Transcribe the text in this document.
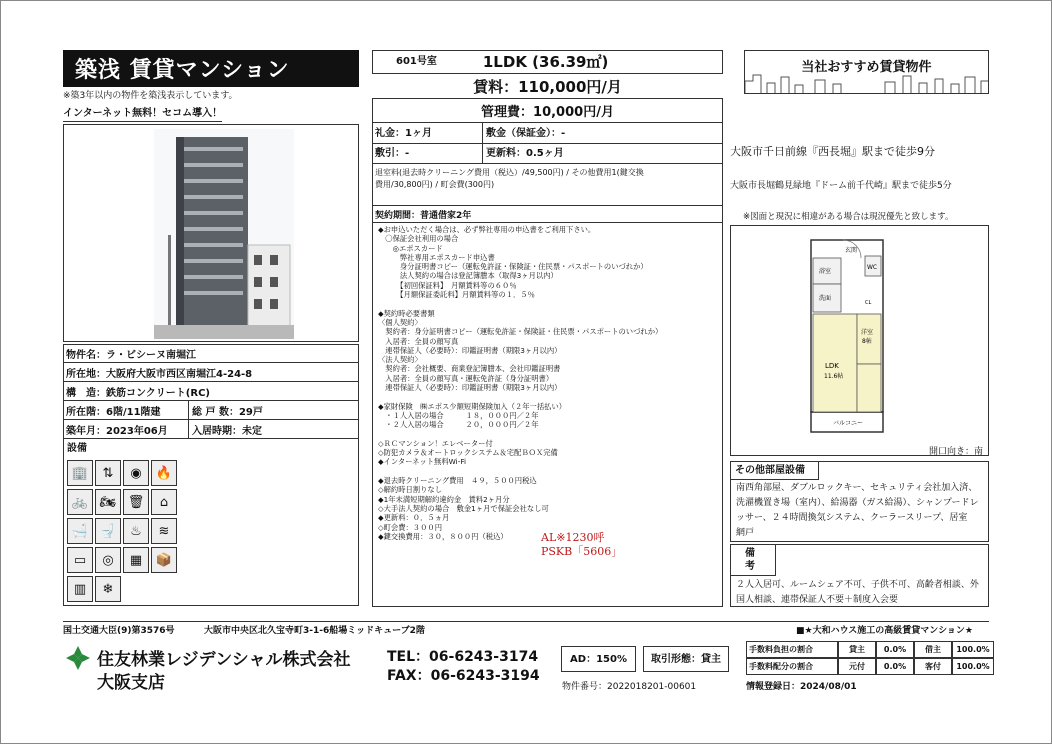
築浅 賃貸マンション
※築3年以内の物件を築浅表示しています。
インターネット無料！セコム導入！
物件名： ラ・ビシーヌ南堀江
所在地： 大阪府大阪市西区南堀江4-24-8
構　造： 鉄筋コンクリート(RC)
所在階： 6階/11階建	総 戸 数： 29戸
築年月： 2023年06月	入居時期： 未定
設備
🏢	⇅	◉	🔥
🚲 🏍 🗑	⌂
🛁 🚽	♨	≋
▭	◎	▦	📦
▥	❄
601号室	1LDK (36.39㎡)
賃料：110,000円/月
管理費：10,000円/月
礼金：1ヶ月	敷金（保証金）：-
敷引：-	更新料：0.5ヶ月
退室料(退去時クリーニング費用（税込）/49,500円) / その他費用1(鍵交換
費用/30,800円) / 町会費(300円)
契約期間：普通借家2年
◆お申込いただく場合は、必ず弊社専用の申込書をご利用下さい。
　〇保証会社利用の場合
　　◎エポスカード
　　　弊社専用エポスカード申込書
　　　身分証明書コピー（運転免許証・保険証・住民票・パスポートのいづれか）
　　　法人契約の場合は登記簿謄本（取得3ヶ月以内）
　　　【初回保証料】　月額賃料等の６０％
　　　【月額保証委託料】月額賃料等の１．５％
◆契約時必要書類
〈個人契約〉
　契約者：身分証明書コピー（運転免許証・保険証・住民票・パスポートのいづれか）
　入居者：全員の顔写真
　連帯保証人（必要時）：印鑑証明書（期限3ヶ月以内）
〈法人契約〉
　契約者：会社概要、商業登記簿謄本、会社印鑑証明書
　入居者：全員の顔写真・運転免許証（身分証明書）
　連帯保証人（必要時）：印鑑証明書（期限3ヶ月以内）
◆家財保険　㈱エポス少額短期保険加入（２年一括払い）
　・１人入居の場合　　　１８，０００円／２年
　・２人入居の場合　　　２０，０００円／２年
◇ＲＣマンション！エレベーター付
◇防犯カメラ＆オートロックシステム＆宅配ＢＯＸ完備
◆インターネット無料Wi-Fi
◆退去時クリーニング費用　４９，５００円税込
◇解約時日割りなし
◆1年未満短期解約違約金　賃料2ヶ月分
◇大手法人契約の場合　敷金1ヶ月で保証会社なし可
◆更新料：０．５ヵ月
◇町会費：３００円
◆鍵交換費用：３０，８００円（税込）	AL※1230呼
PSKB「5606」
当社おすすめ賃貸物件
大阪市千日前線『西長堀』駅まで徒歩9分
大阪市長堀鶴見緑地『ドーム前千代崎』駅まで徒歩5分
※図面と現況に相違がある場合は現況優先と致します。
玄関
浴室
洗面
WC
CL
洋室
8帖
LDK
11.6帖
バルコニー
開口向き：南
その他部屋設備
南西角部屋、ダブルロックキー、セキュリティ会社加入済、洗濯機置き場（室内）、給湯器（ガス給湯）、シャンプードレッサー、２４時間換気システム、クーラースリープ、居室　網戸
備考
２人入居可、ルームシェア不可、子供不可、高齢者相談、外国人相談、連帯保証人不要＋制度入会要
国土交通大臣(9)第3576号	大阪市中央区北久宝寺町3-1-6船場ミッドキューブ2階	■★大和ハウス施工の高級賃貸マンション★
住友林業レジデンシャル株式会社
大阪支店
TEL：06-6243-3174
FAX：06-6243-3194
AD：150%	取引形態：貸主
物件番号：2022018201-00601	情報登録日：2024/08/01
手数料負担の割合	貸主	0.0%	借主	100.0%
手数料配分の割合	元付	0.0%	客付	100.0%
